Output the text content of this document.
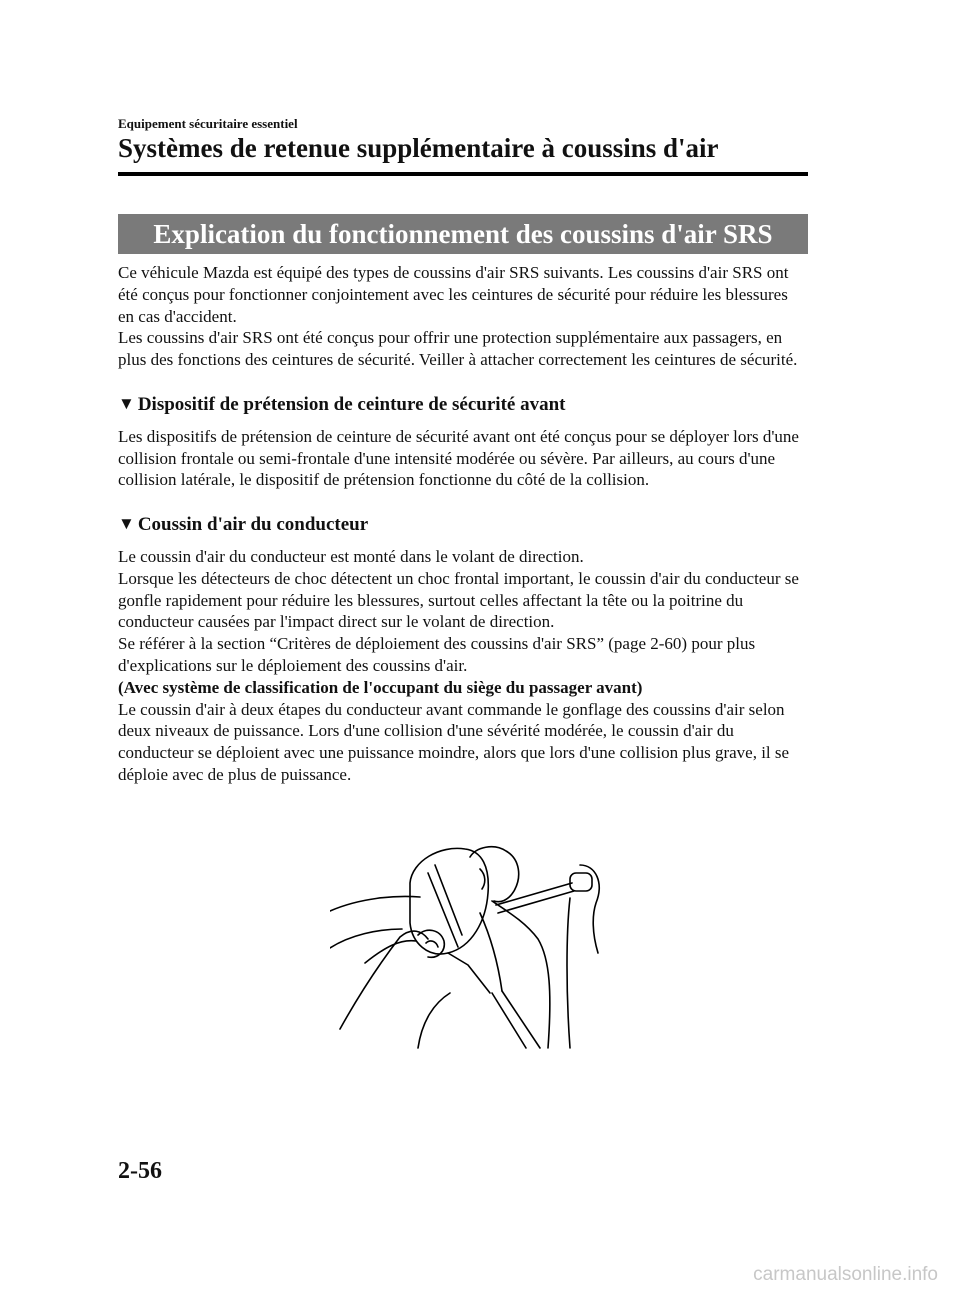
Equipement sécuritaire essentiel
Systèmes de retenue supplémentaire à coussins d'air
Explication du fonctionnement des coussins d'air SRS

Ce véhicule Mazda est équipé des types de coussins d'air SRS suivants. Les coussins d'air SRS ont été conçus pour fonctionner conjointement avec les ceintures de sécurité pour réduire les blessures en cas d'accident.

Les coussins d'air SRS ont été conçus pour offrir une protection supplémentaire aux passagers, en plus des fonctions des ceintures de sécurité. Veiller à attacher correctement les ceintures de sécurité.

▼ Dispositif de prétension de ceinture de sécurité avant

Les dispositifs de prétension de ceinture de sécurité avant ont été conçus pour se déployer lors d'une collision frontale ou semi-frontale d'une intensité modérée ou sévère. Par ailleurs, au cours d'une collision latérale, le dispositif de prétension fonctionne du côté de la collision.

▼ Coussin d'air du conducteur

Le coussin d'air du conducteur est monté dans le volant de direction.

Lorsque les détecteurs de choc détectent un choc frontal important, le coussin d'air du conducteur se gonfle rapidement pour réduire les blessures, surtout celles affectant la tête ou la poitrine du conducteur causées par l'impact direct sur le volant de direction.

Se référer à la section “Critères de déploiement des coussins d'air SRS” (page 2-60) pour plus d'explications sur le déploiement des coussins d'air.

(Avec système de classification de l'occupant du siège du passager avant)

Le coussin d'air à deux étapes du conducteur avant commande le gonflage des coussins d'air selon deux niveaux de puissance. Lors d'une collision d'une sévérité modérée, le coussin d'air du conducteur se déploient avec une puissance moindre, alors que lors d'une collision plus grave, il se déploie avec de plus de puissance.

2-56
carmanualsonline.info
